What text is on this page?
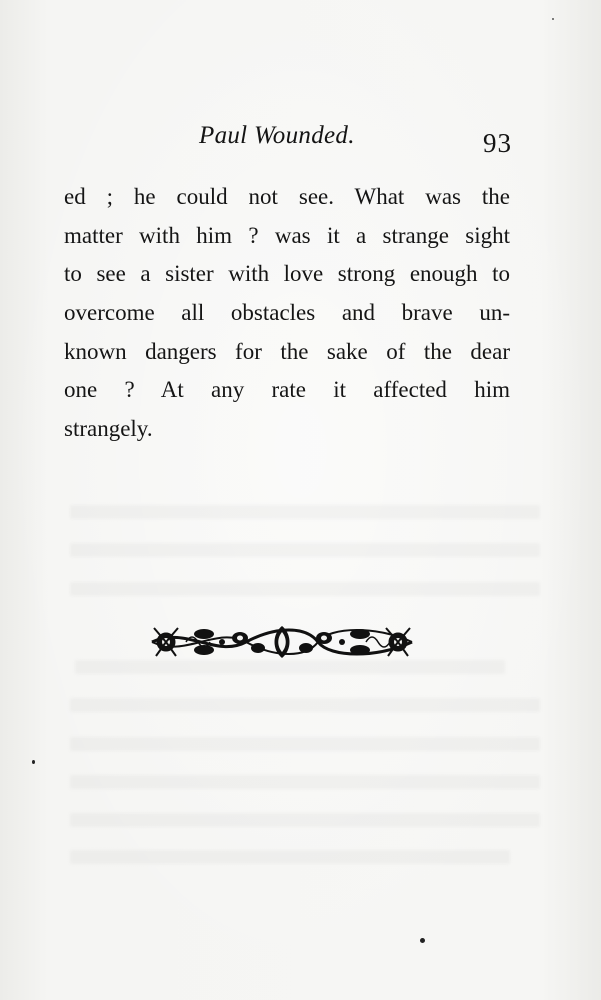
Paul Wounded.	93
ed ; he could not see. What was the
matter with him ? was it a strange sight
to see a sister with love strong enough to
overcome all obstacles and brave un-
known dangers for the sake of the dear
one ? At any rate it affected him
strangely.
